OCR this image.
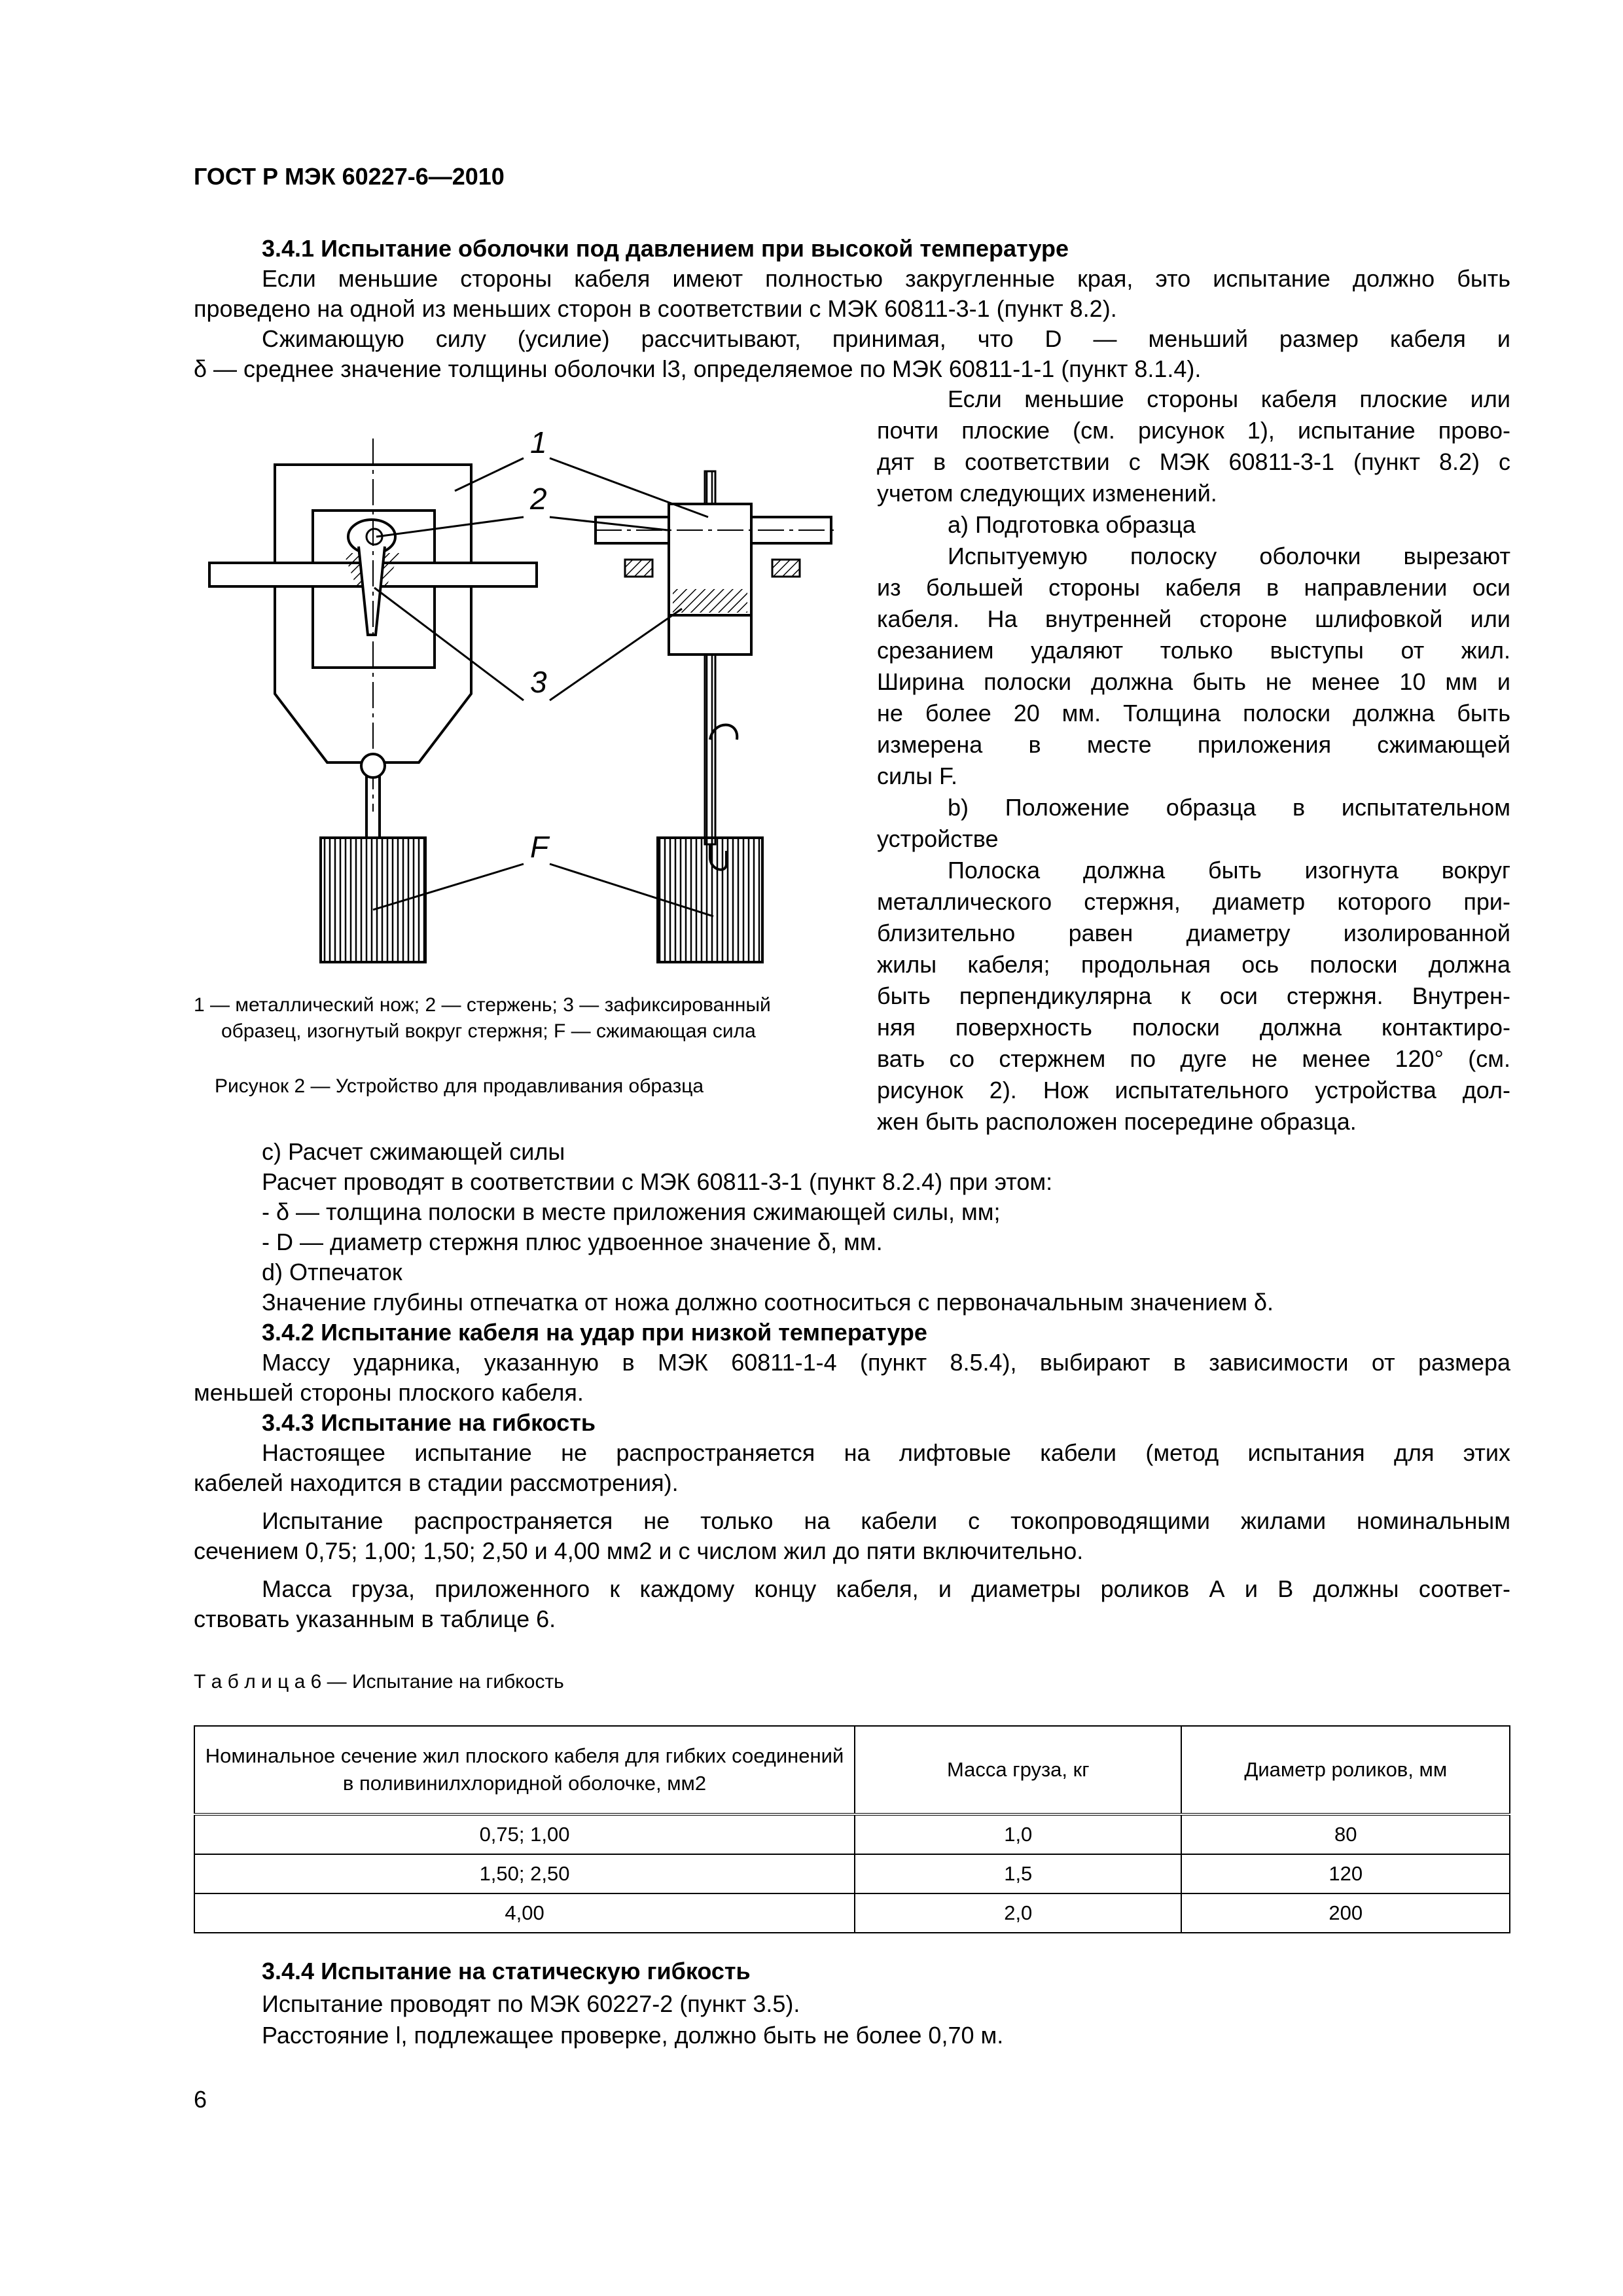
ГОСТ Р МЭК 60227-6—2010
3.4.1 Испытание оболочки под давлением при высокой температуре
Если меньшие стороны кабеля имеют полностью закругленные края, это испытание должно быть
проведено на одной из меньших сторон в соответствии с МЭК 60811-3-1 (пункт 8.2).
Сжимающую силу (усилие) рассчитывают, принимая, что D — меньший размер кабеля и
δ — среднее значение толщины оболочки l3, определяемое по МЭК 60811-1-1 (пункт 8.1.4).
Если меньшие стороны кабеля плоские или
почти плоские (см. рисунок 1), испытание прово-
дят в соответствии с МЭК 60811-3-1 (пункт 8.2) с
учетом следующих изменений.
а) Подготовка образца
Испытуемую полоску оболочки вырезают
из большей стороны кабеля в направлении оси
кабеля. На внутренней стороне шлифовкой или
срезанием удаляют только выступы от жил.
Ширина полоски должна быть не менее 10 мм и
не более 20 мм. Толщина полоски должна быть
измерена в месте приложения сжимающей
силы F.
b) Положение образца в испытательном
устройстве
Полоска должна быть изогнута вокруг
металлического стержня, диаметр которого при-
близительно равен диаметру изолированной
жилы кабеля; продольная ось полоски должна
быть перпендикулярна к оси стержня. Внутрен-
няя поверхность полоски должна контактиро-
вать со стержнем по дуге не менее 120° (см.
рисунок 2). Нож испытательного устройства дол-
жен быть расположен посередине образца.
1
2
3
F
1 — металлический нож; 2 — стержень; 3 — зафиксированный
образец, изогнутый вокруг стержня; F — сжимающая сила
Рисунок 2 — Устройство для продавливания образца
с) Расчет сжимающей силы
Расчет проводят в соответствии с МЭК 60811-3-1 (пункт 8.2.4) при этом:
- δ — толщина полоски в месте приложения сжимающей силы, мм;
- D — диаметр стержня плюс удвоенное значение δ, мм.
d) Отпечаток
Значение глубины отпечатка от ножа должно соотноситься с первоначальным значением δ.
3.4.2 Испытание кабеля на удар при низкой температуре
Массу ударника, указанную в МЭК 60811-1-4 (пункт 8.5.4), выбирают в зависимости от размера
меньшей стороны плоского кабеля.
3.4.3 Испытание на гибкость
Настоящее испытание не распространяется на лифтовые кабели (метод испытания для этих
кабелей находится в стадии рассмотрения).
Испытание распространяется не только на кабели с токопроводящими жилами номинальным
сечением 0,75; 1,00; 1,50; 2,50 и 4,00 мм2 и с числом жил до пяти включительно.
Масса груза, приложенного к каждому концу кабеля, и диаметры роликов А и В должны соответ-
ствовать указанным в таблице 6.
Т а б л и ц а 6 — Испытание на гибкость
Номинальное сечение жил плоского кабеля для гибких соединений в поливинилхлоридной оболочке, мм2	Масса груза, кг	Диаметр роликов, мм
0,75; 1,00	1,0	80
1,50; 2,50	1,5	120
4,00	2,0	200
3.4.4 Испытание на статическую гибкость
Испытание проводят по МЭК 60227-2 (пункт 3.5).
Расстояние l, подлежащее проверке, должно быть не более 0,70 м.
6
